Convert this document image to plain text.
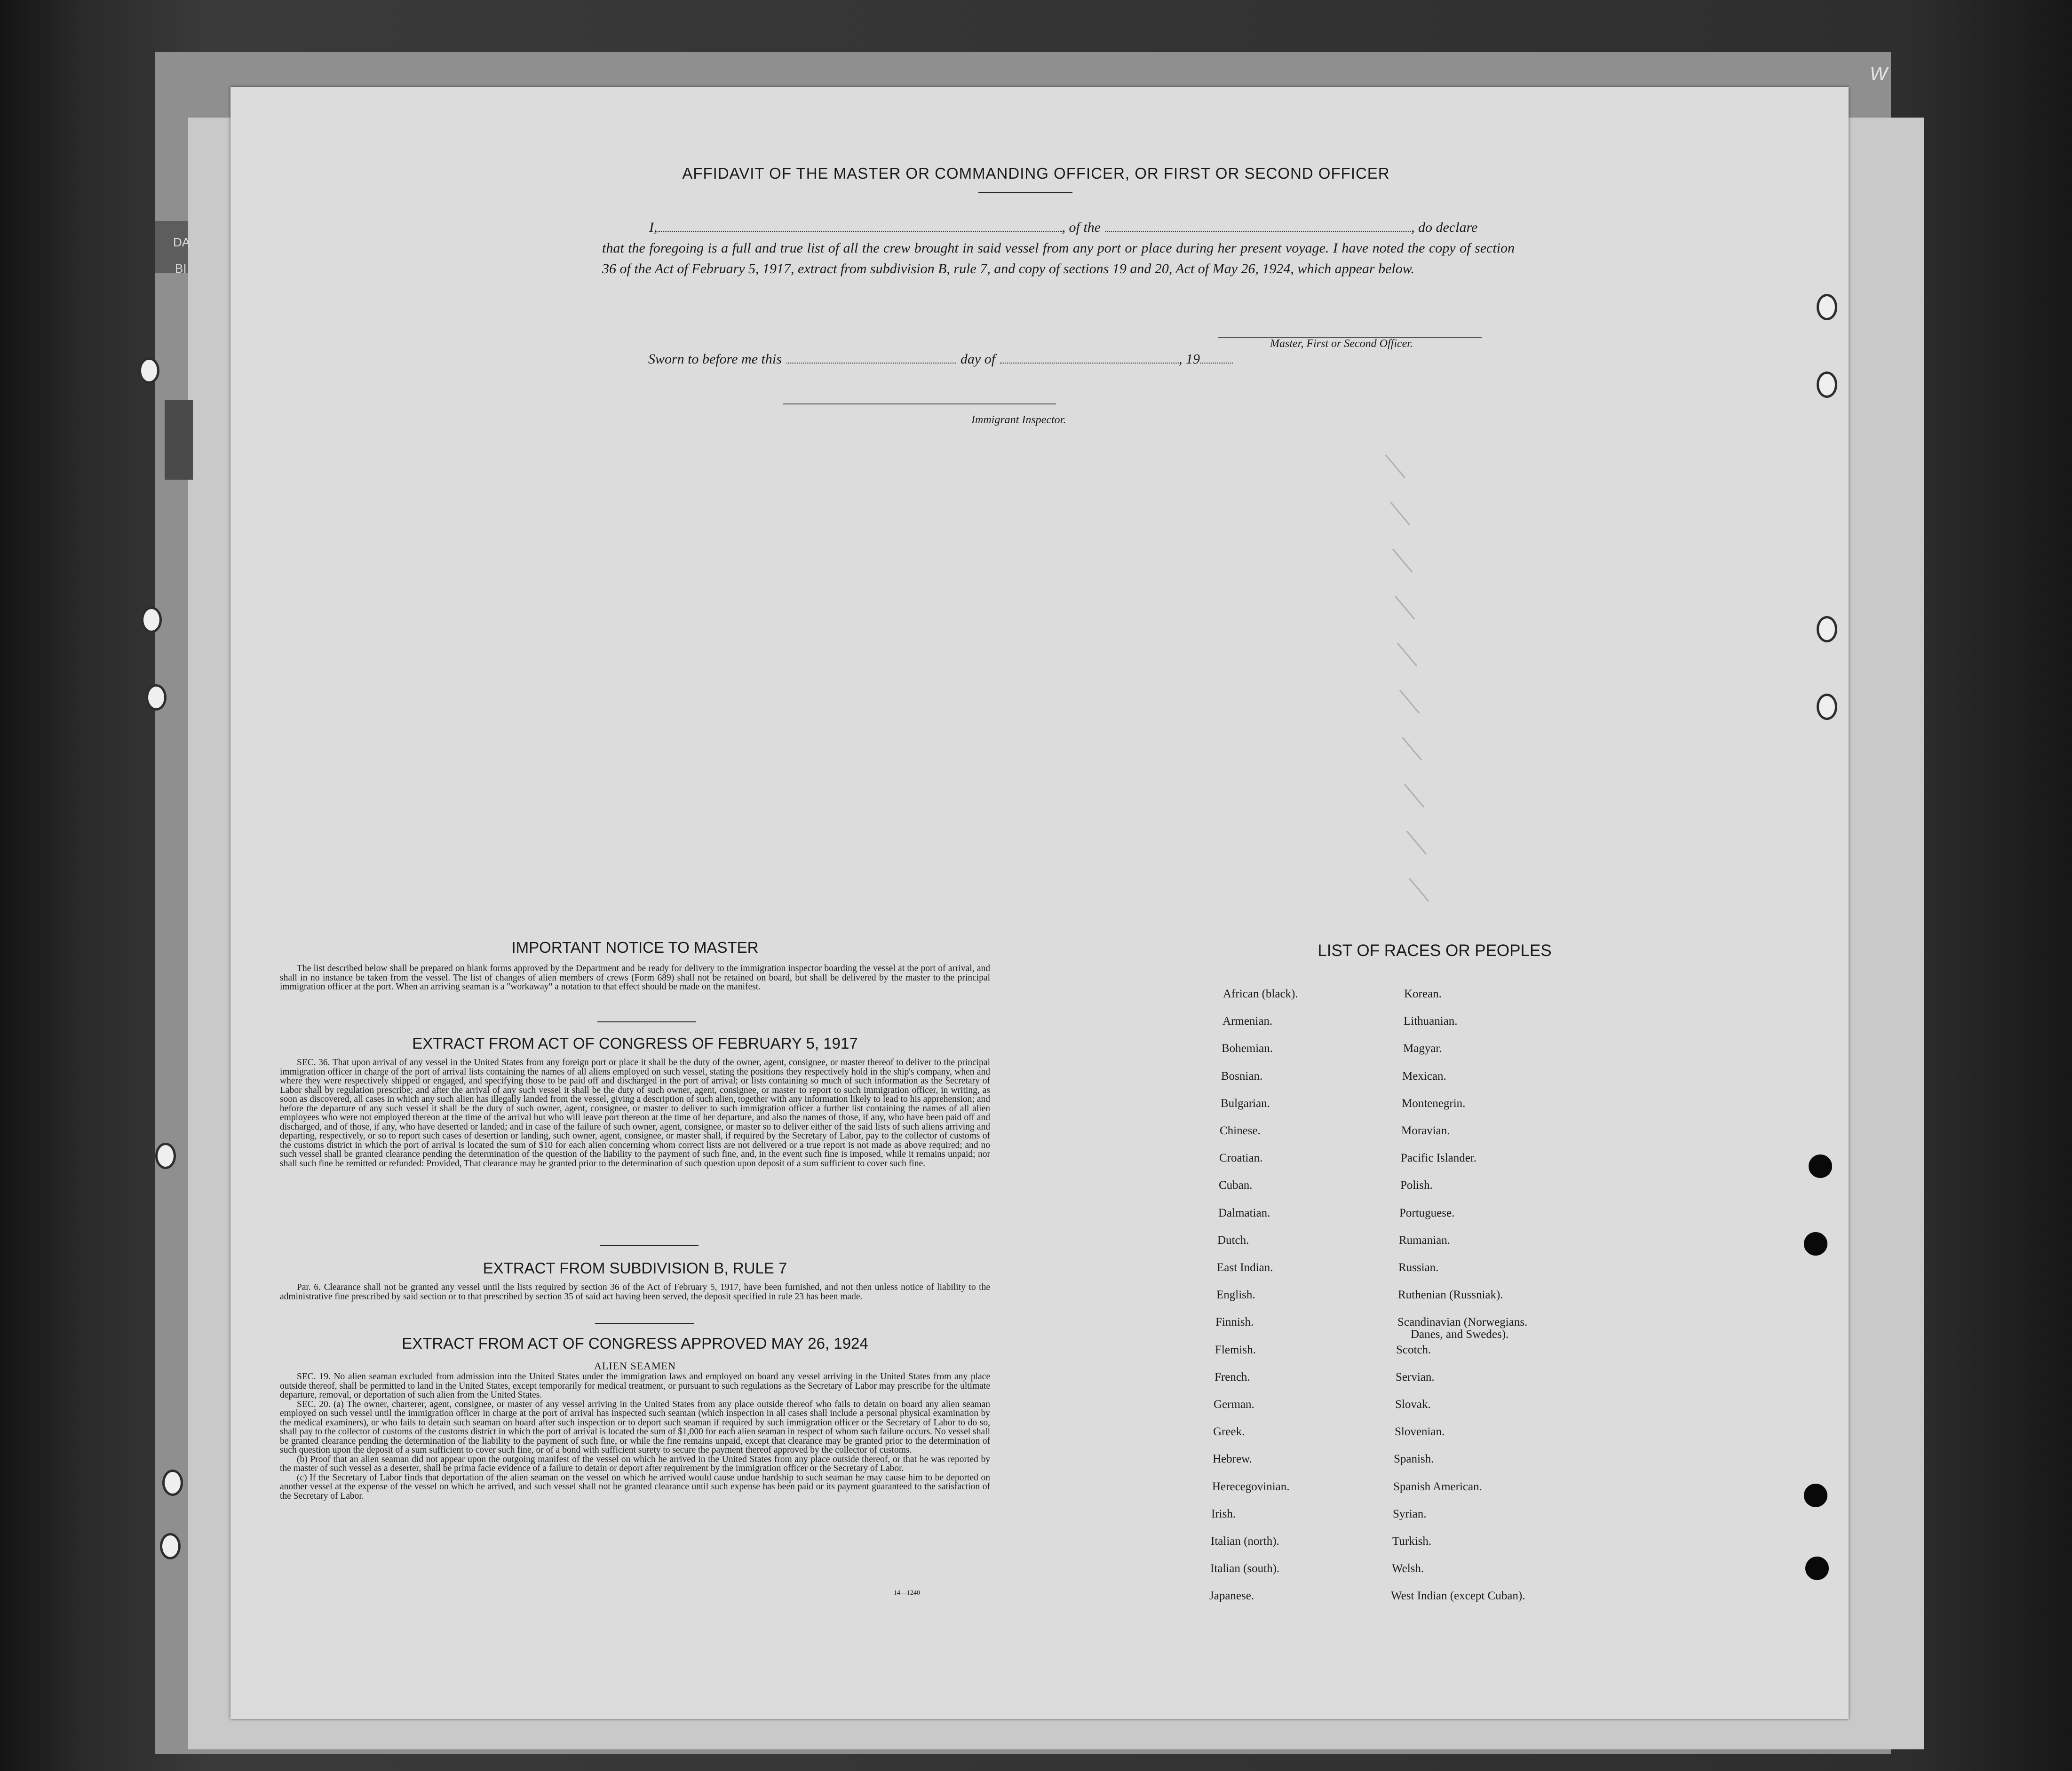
DA
BI
W
AFFIDAVIT OF THE MASTER OR COMMANDING OFFICER, OR FIRST OR SECOND OFFICER
I,	, of the	, do declare
that the foregoing is a full and true list of all the crew brought in said vessel from any port or place during her present voyage. I have noted the copy of section 36 of the Act of February 5, 1917, extract from subdivision B, rule 7, and copy of sections 19 and 20, Act of May 26, 1924, which appear below.
Master, First or Second Officer.
Sworn to before me this	day of	, 19
Immigrant Inspector.
IMPORTANT NOTICE TO MASTER

The list described below shall be prepared on blank forms approved by the Department and be ready for delivery to the immigration inspector boarding the vessel at the port of arrival, and shall in no instance be taken from the vessel. The list of changes of alien members of crews (Form 689) shall not be retained on board, but shall be delivered by the master to the principal immigration officer at the port. When an arriving seaman is a "workaway" a notation to that effect should be made on the manifest.

EXTRACT FROM ACT OF CONGRESS OF FEBRUARY 5, 1917

SEC. 36. That upon arrival of any vessel in the United States from any foreign port or place it shall be the duty of the owner, agent, consignee, or master thereof to deliver to the principal immigration officer in charge of the port of arrival lists containing the names of all aliens employed on such vessel, stating the positions they respectively hold in the ship's company, when and where they were respectively shipped or engaged, and specifying those to be paid off and discharged in the port of arrival; or lists containing so much of such information as the Secretary of Labor shall by regulation prescribe; and after the arrival of any such vessel it shall be the duty of such owner, agent, consignee, or master to report to such immigration officer, in writing, as soon as discovered, all cases in which any such alien has illegally landed from the vessel, giving a description of such alien, together with any information likely to lead to his apprehension; and before the departure of any such vessel it shall be the duty of such owner, agent, consignee, or master to deliver to such immigration officer a further list containing the names of all alien employees who were not employed thereon at the time of the arrival but who will leave port thereon at the time of her departure, and also the names of those, if any, who have been paid off and discharged, and of those, if any, who have deserted or landed; and in case of the failure of such owner, agent, consignee, or master so to deliver either of the said lists of such aliens arriving and departing, respectively, or so to report such cases of desertion or landing, such owner, agent, consignee, or master shall, if required by the Secretary of Labor, pay to the collector of customs of the customs district in which the port of arrival is located the sum of $10 for each alien concerning whom correct lists are not delivered or a true report is not made as above required; and no such vessel shall be granted clearance pending the determination of the question of the liability to the payment of such fine, and, in the event such fine is imposed, while it remains unpaid; nor shall such fine be remitted or refunded: Provided, That clearance may be granted prior to the determination of such question upon deposit of a sum sufficient to cover such fine.

EXTRACT FROM SUBDIVISION B, RULE 7

Par. 6. Clearance shall not be granted any vessel until the lists required by section 36 of the Act of February 5, 1917, have been furnished, and not then unless notice of liability to the administrative fine prescribed by said section or to that prescribed by section 35 of said act having been served, the deposit specified in rule 23 has been made.

EXTRACT FROM ACT OF CONGRESS APPROVED MAY 26, 1924
ALIEN SEAMEN

SEC. 19. No alien seaman excluded from admission into the United States under the immigration laws and employed on board any vessel arriving in the United States from any place outside thereof, shall be permitted to land in the United States, except temporarily for medical treatment, or pursuant to such regulations as the Secretary of Labor may prescribe for the ultimate departure, removal, or deportation of such alien from the United States.

SEC. 20. (a) The owner, charterer, agent, consignee, or master of any vessel arriving in the United States from any place outside thereof who fails to detain on board any alien seaman employed on such vessel until the immigration officer in charge at the port of arrival has inspected such seaman (which inspection in all cases shall include a personal physical examination by the medical examiners), or who fails to detain such seaman on board after such inspection or to deport such seaman if required by such immigration officer or the Secretary of Labor to do so, shall pay to the collector of customs of the customs district in which the port of arrival is located the sum of $1,000 for each alien seaman in respect of whom such failure occurs. No vessel shall be granted clearance pending the determination of the liability to the payment of such fine, or while the fine remains unpaid, except that clearance may be granted prior to the determination of such question upon the deposit of a sum sufficient to cover such fine, or of a bond with sufficient surety to secure the payment thereof approved by the collector of customs.

(b) Proof that an alien seaman did not appear upon the outgoing manifest of the vessel on which he arrived in the United States from any place outside thereof, or that he was reported by the master of such vessel as a deserter, shall be prima facie evidence of a failure to detain or deport after requirement by the immigration officer or the Secretary of Labor.

(c) If the Secretary of Labor finds that deportation of the alien seaman on the vessel on which he arrived would cause undue hardship to such seaman he may cause him to be deported on another vessel at the expense of the vessel on which he arrived, and such vessel shall not be granted clearance until such expense has been paid or its payment guaranteed to the satisfaction of the Secretary of Labor.

14—1240
LIST OF RACES OR PEOPLES
African (black).
Armenian.
Bohemian.
Bosnian.
Bulgarian.
Chinese.
Croatian.
Cuban.
Dalmatian.
Dutch.
East Indian.
English.
Finnish.
Flemish.
French.
German.
Greek.
Hebrew.
Herecegovinian.
Irish.
Italian (north).
Italian (south).
Japanese.
Korean.
Lithuanian.
Magyar.
Mexican.
Montenegrin.
Moravian.
Pacific Islander.
Polish.
Portuguese.
Rumanian.
Russian.
Ruthenian (Russniak).
Scandinavian (Norwegians.
Danes, and Swedes).
Scotch.
Servian.
Slovak.
Slovenian.
Spanish.
Spanish American.
Syrian.
Turkish.
Welsh.
West Indian (except Cuban).
